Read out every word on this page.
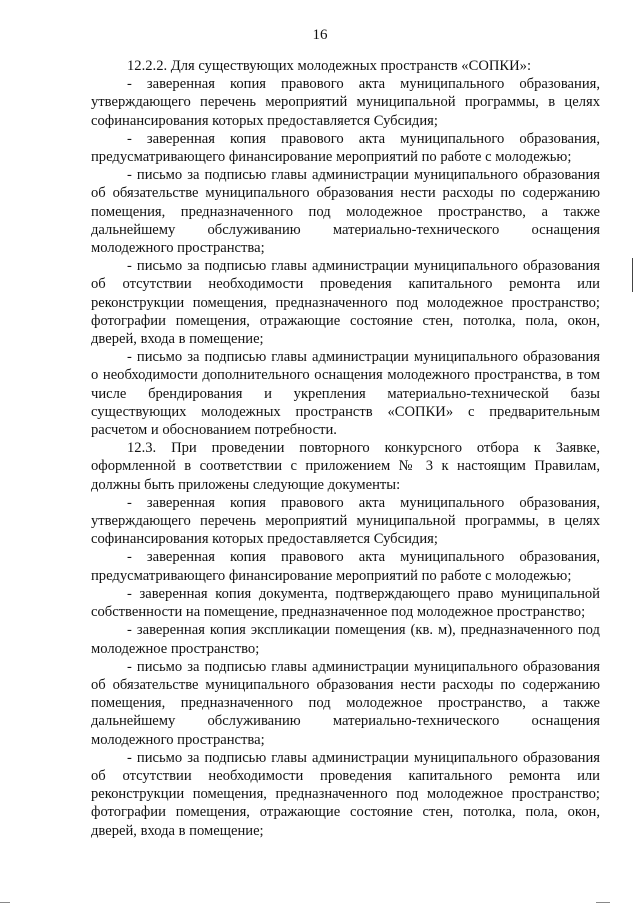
16

12.2.2. Для существующих молодежных пространств «СОПКИ»:

- заверенная копия правового акта муниципального образования, утверждающего перечень мероприятий муниципальной программы, в целях софинансирования которых предоставляется Субсидия;

- заверенная копия правового акта муниципального образования, предусматривающего финансирование мероприятий по работе с молодежью;

- письмо за подписью главы администрации муниципального образования об обязательстве муниципального образования нести расходы по содержанию помещения, предназначенного под молодежное пространство, а также дальнейшему обслуживанию материально-технического оснащения молодежного пространства;

- письмо за подписью главы администрации муниципального образования об отсутствии необходимости проведения капитального ремонта или реконструкции помещения, предназначенного под молодежное пространство; фотографии помещения, отражающие состояние стен, потолка, пола, окон, дверей, входа в помещение;

- письмо за подписью главы администрации муниципального образования о необходимости дополнительного оснащения молодежного пространства, в том числе брендирования и укрепления материально-технической базы существующих молодежных пространств «СОПКИ» с предварительным расчетом и обоснованием потребности.

12.3. При проведении повторного конкурсного отбора к Заявке, оформленной в соответствии с приложением № 3 к настоящим Правилам, должны быть приложены следующие документы:

- заверенная копия правового акта муниципального образования, утверждающего перечень мероприятий муниципальной программы, в целях софинансирования которых предоставляется Субсидия;

- заверенная копия правового акта муниципального образования, предусматривающего финансирование мероприятий по работе с молодежью;

- заверенная копия документа, подтверждающего право муниципальной собственности на помещение, предназначенное под молодежное пространство;

- заверенная копия экспликации помещения (кв. м), предназначенного под молодежное пространство;

- письмо за подписью главы администрации муниципального образования об обязательстве муниципального образования нести расходы по содержанию помещения, предназначенного под молодежное пространство, а также дальнейшему обслуживанию материально-технического оснащения молодежного пространства;

- письмо за подписью главы администрации муниципального образования об отсутствии необходимости проведения капитального ремонта или реконструкции помещения, предназначенного под молодежное пространство; фотографии помещения, отражающие состояние стен, потолка, пола, окон, дверей, входа в помещение;
